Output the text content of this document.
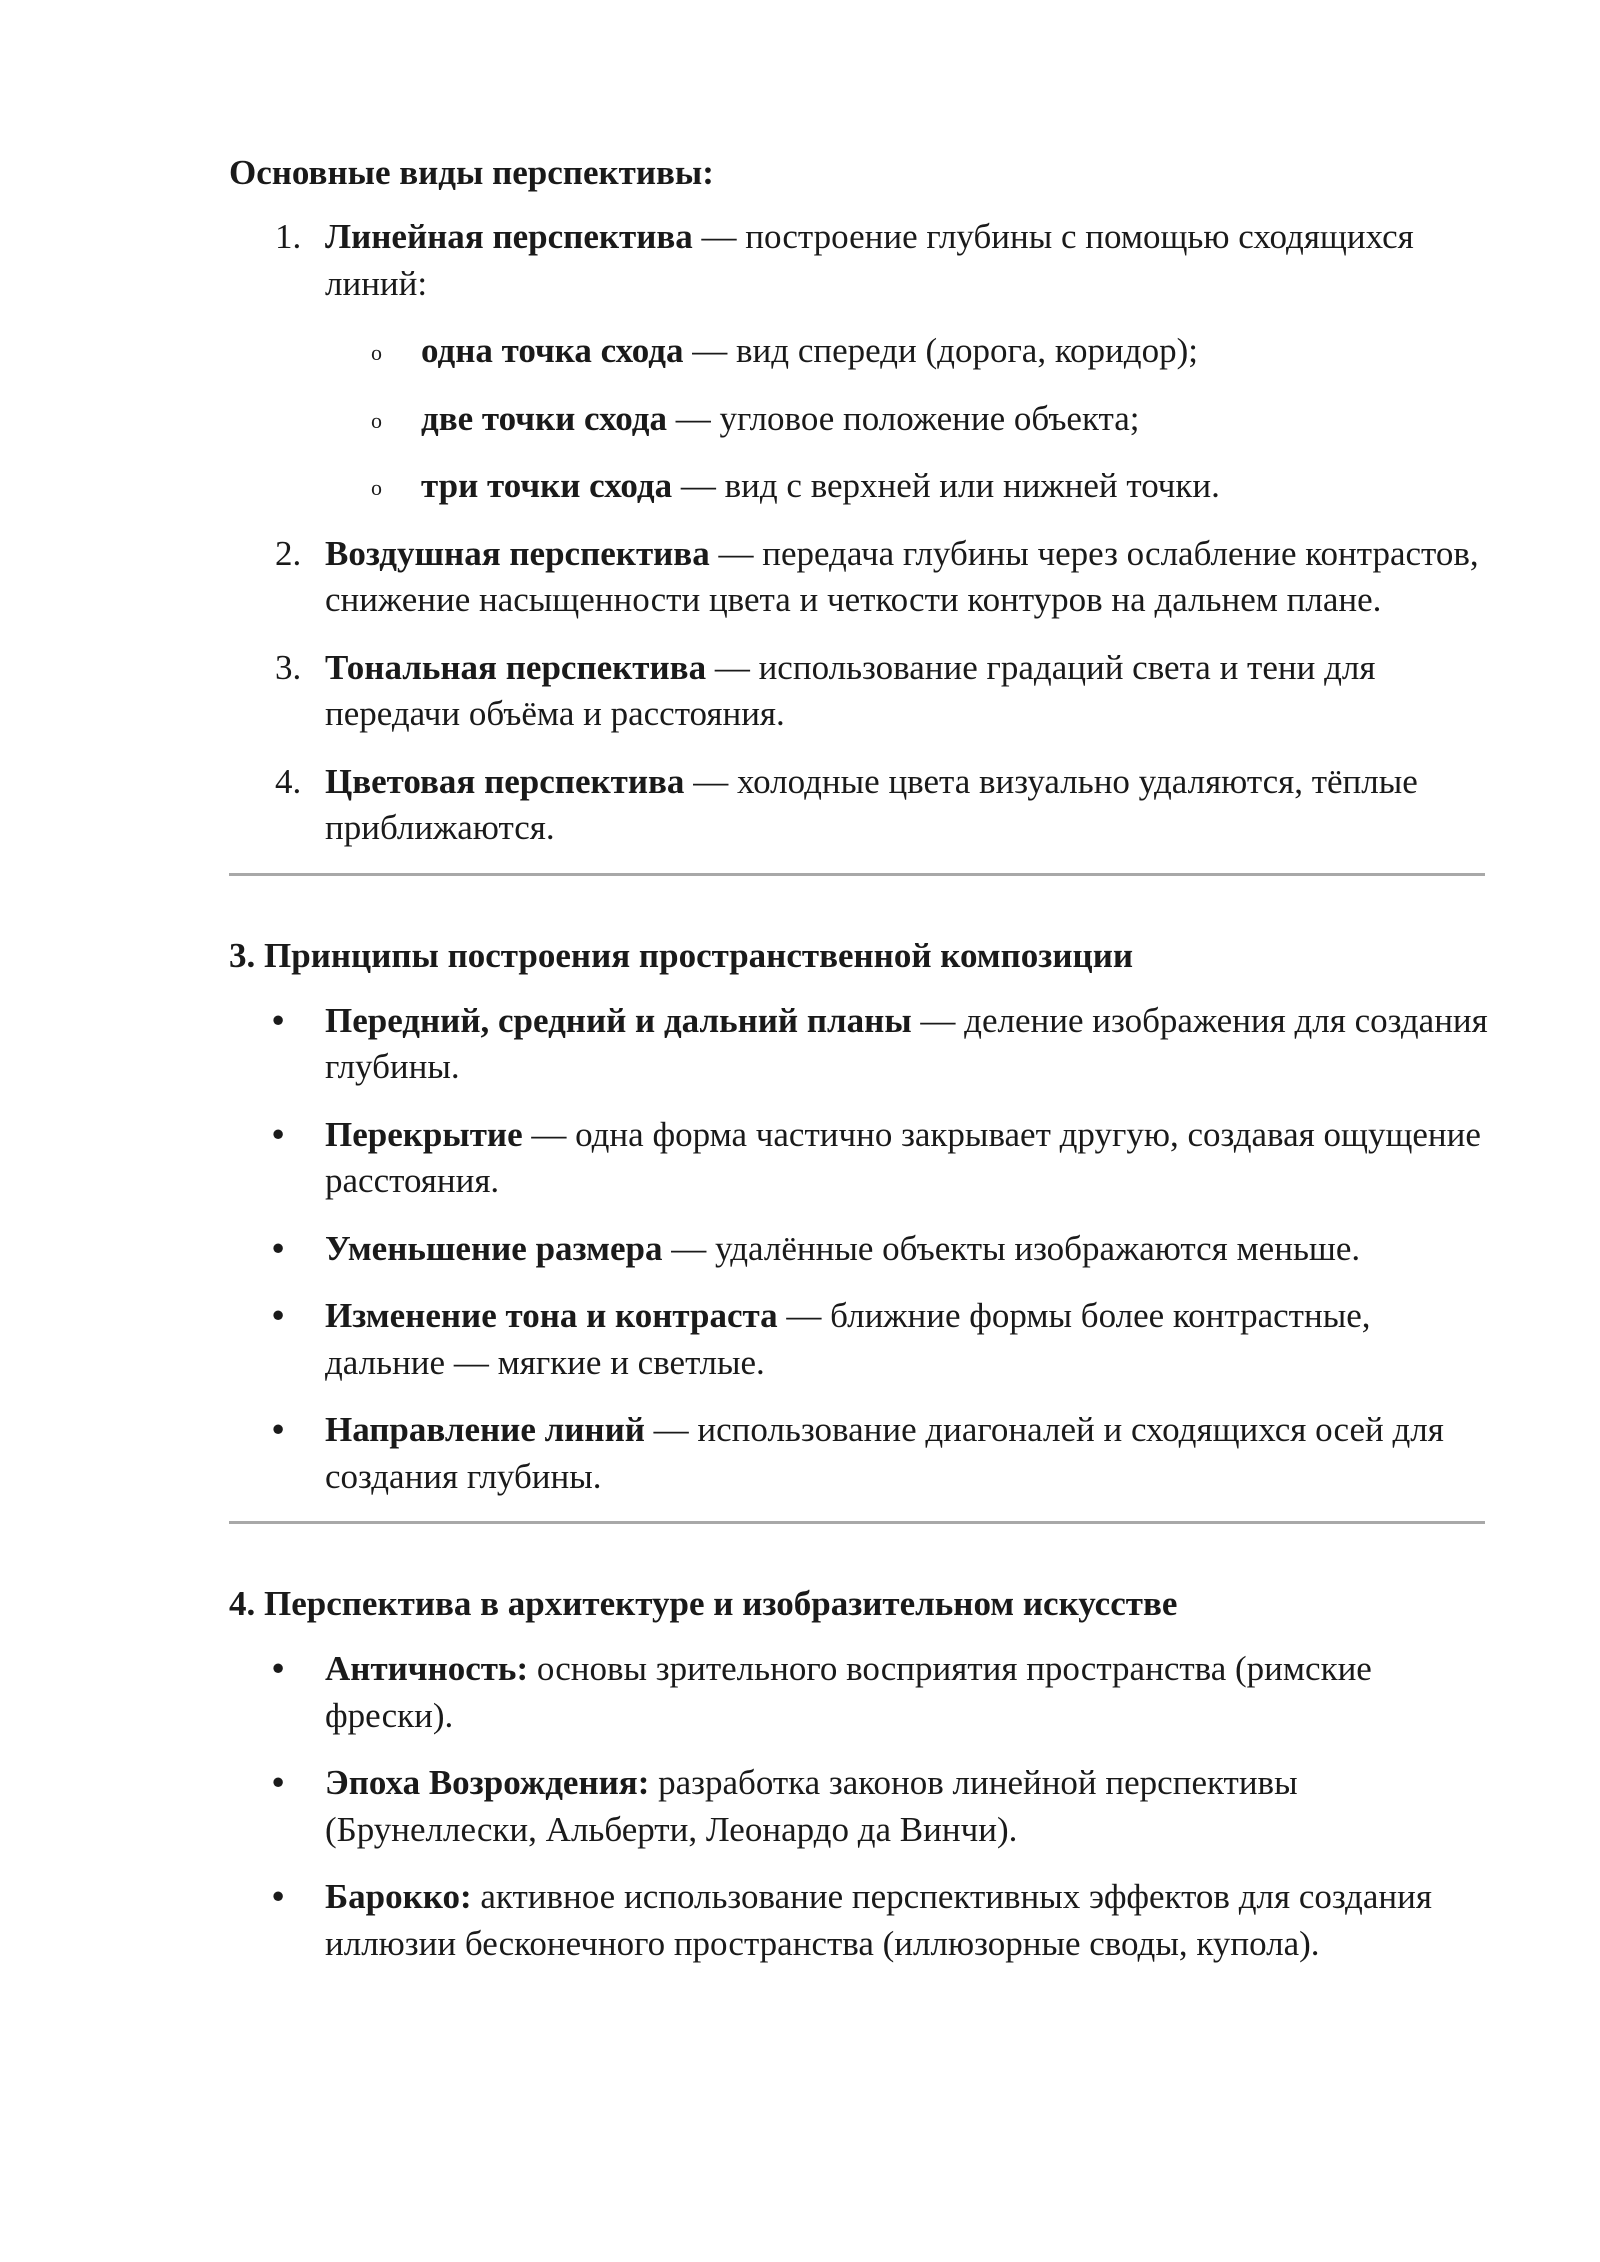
Основные виды перспективы:

1. Линейная перспектива — построение глубины с помощью сходящихся линий:
o одна точка схода — вид спереди (дорога, коридор);
o две точки схода — угловое положение объекта;
o три точки схода — вид с верхней или нижней точки.
2. Воздушная перспектива — передача глубины через ослабление контрастов, снижение насыщенности цвета и четкости контуров на дальнем плане.
3. Тональная перспектива — использование градаций света и тени для передачи объёма и расстояния.
4. Цветовая перспектива — холодные цвета визуально удаляются, тёплые приближаются.

3. Принципы построения пространственной композиции

• Передний, средний и дальний планы — деление изображения для создания глубины.
• Перекрытие — одна форма частично закрывает другую, создавая ощущение расстояния.
• Уменьшение размера — удалённые объекты изображаются меньше.
• Изменение тона и контраста — ближние формы более контрастные, дальние — мягкие и светлые.
• Направление линий — использование диагоналей и сходящихся осей для создания глубины.

4. Перспектива в архитектуре и изобразительном искусстве

• Античность: основы зрительного восприятия пространства (римские фрески).
• Эпоха Возрождения: разработка законов линейной перспективы (Брунеллески, Альберти, Леонардо да Винчи).
• Барокко: активное использование перспективных эффектов для создания иллюзии бесконечного пространства (иллюзорные своды, купола).
